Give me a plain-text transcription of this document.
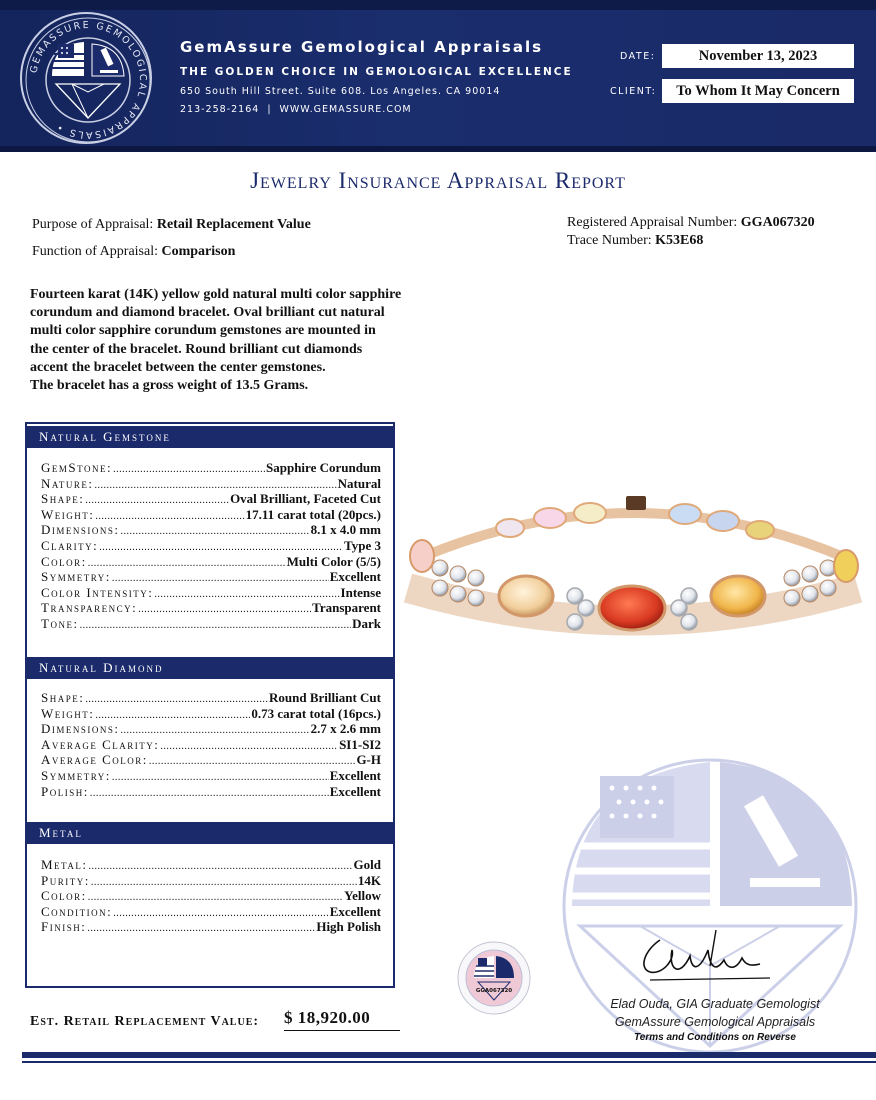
GEMASSURE GEMOLOGICAL APPRAISALS •
GemAssure Gemological Appraisals
THE GOLDEN CHOICE IN GEMOLOGICAL EXCELLENCE
650 South Hill Street. Suite 608. Los Angeles. CA 90014
213-258-2164 | WWW.GEMASSURE.COM
DATE:	November 13, 2023
CLIENT:	To Whom It May Concern
Jewelry Insurance Appraisal Report
Purpose of Appraisal: Retail Replacement Value
Function of Appraisal: Comparison
Registered Appraisal Number: GGA067320
Trace Number: K53E68
Fourteen karat (14K) yellow gold natural multi color sapphire
corundum and diamond bracelet. Oval brilliant cut natural
multi color sapphire corundum gemstones are mounted in
the center of the bracelet. Round brilliant cut diamonds
accent the bracelet between the center gemstones.
The bracelet has a gross weight of 13.5 Grams.
Natural Gemstone
GemStone: .....	Sapphire Corundum
Nature: .....	Natural
Shape: .....	Oval Brilliant, Faceted Cut
Weight: .....	17.11 carat total (20pcs.)
Dimensions: .....	8.1 x 4.0 mm
Clarity: .....	Type 3
Color: .....	Multi Color (5/5)
Symmetry: .....	Excellent
Color Intensity: .....	Intense
Transparency: .....	Transparent
Tone: .....	Dark
Natural Diamond
Shape: .....	Round Brilliant Cut
Weight: .....	0.73 carat total (16pcs.)
Dimensions: .....	2.7 x 2.6 mm
Average Clarity: .....	SI1-SI2
Average Color: .....	G-H
Symmetry: .....	Excellent
Polish: .....	Excellent
Metal
Metal: .....	Gold
Purity: .....	14K
Color: .....	Yellow
Condition: .....	Excellent
Finish: .....	High Polish
GGA067320
Elad Ouda, GIA Graduate Gemologist
GemAssure Gemological Appraisals
Terms and Conditions on Reverse
Est. Retail Replacement Value: $ 18,920.00
